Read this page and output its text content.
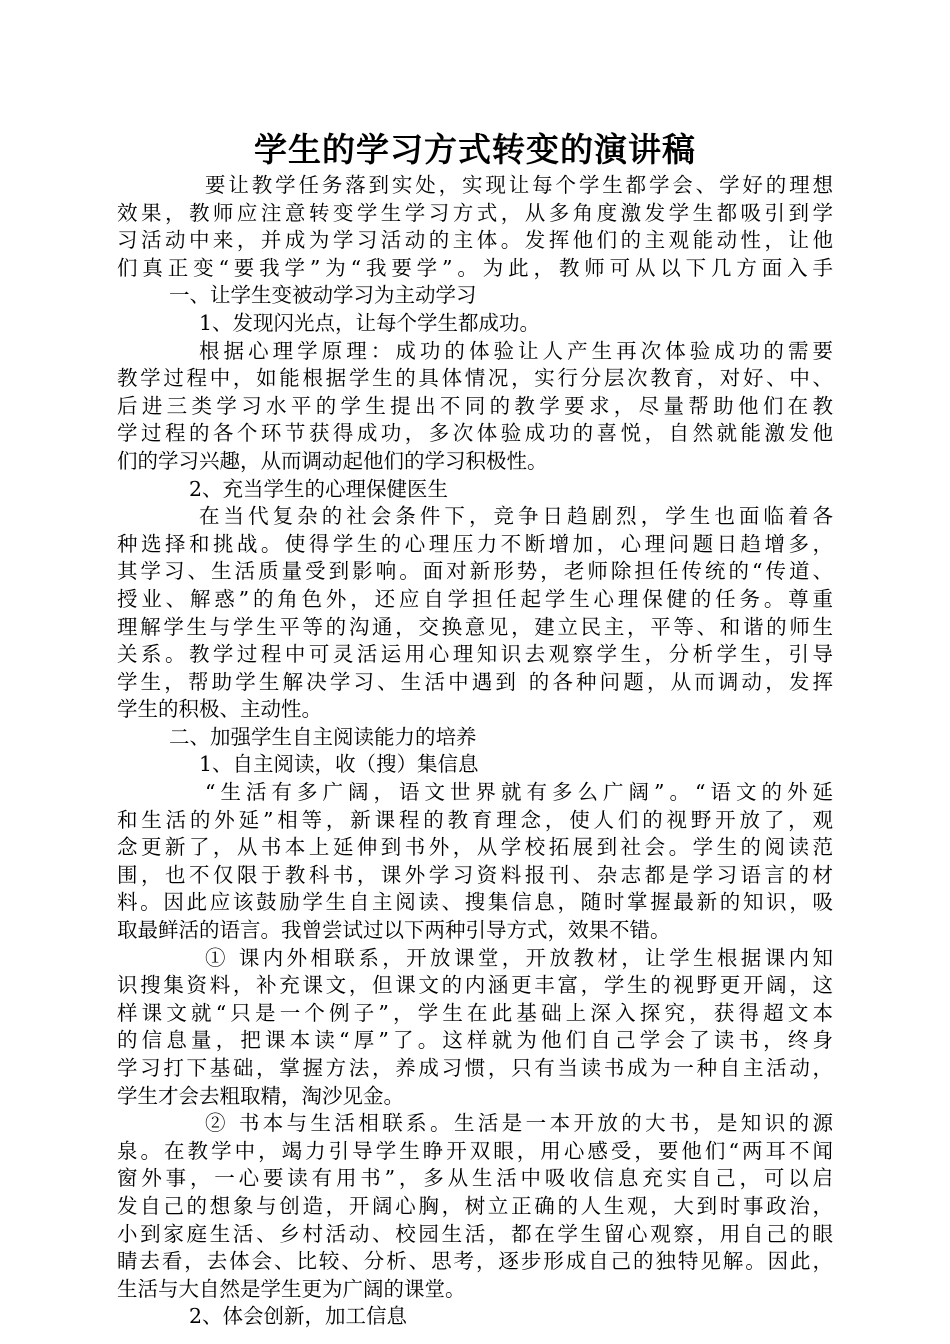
学生的学习方式转变的演讲稿
要让教学任务落到实处，实现让每个学生都学会、学好的理想
效果，教师应注意转变学生学习方式，从多角度激发学生都吸引到学
习活动中来，并成为学习活动的主体。发挥他们的主观能动性，让他
们真正变“要我学”为“我要学”。为此，教师可从以下几方面入手
一、让学生变被动学习为主动学习
1、发现闪光点，让每个学生都成功。
根据心理学原理：成功的体验让人产生再次体验成功的需要
教学过程中，如能根据学生的具体情况，实行分层次教育，对好、中、
后进三类学习水平的学生提出不同的教学要求，尽量帮助他们在教
学过程的各个环节获得成功，多次体验成功的喜悦，自然就能激发他
们的学习兴趣，从而调动起他们的学习积极性。
2、充当学生的心理保健医生
在当代复杂的社会条件下，竞争日趋剧烈，学生也面临着各
种选择和挑战。使得学生的心理压力不断增加，心理问题日趋增多，
其学习、生活质量受到影响。面对新形势，老师除担任传统的“传道、
授业、解惑”的角色外，还应自学担任起学生心理保健的任务。尊重
理解学生与学生平等的沟通，交换意见，建立民主，平等、和谐的师生
关系。教学过程中可灵活运用心理知识去观察学生，分析学生，引导
学生，帮助学生解决学习、生活中遇到 的各种问题，从而调动，发挥
学生的积极、主动性。
二、加强学生自主阅读能力的培养
1、自主阅读，收（搜）集信息
“生活有多广阔，语文世界就有多么广阔”。“语文的外延
和生活的外延”相等，新课程的教育理念，使人们的视野开放了，观
念更新了，从书本上延伸到书外，从学校拓展到社会。学生的阅读范
围，也不仅限于教科书，课外学习资料报刊、杂志都是学习语言的材
料。因此应该鼓励学生自主阅读、搜集信息，随时掌握最新的知识，吸
取最鲜活的语言。我曾尝试过以下两种引导方式，效果不错。
① 课内外相联系，开放课堂，开放教材，让学生根据课内知
识搜集资料，补充课文，但课文的内涵更丰富，学生的视野更开阔，这
样课文就“只是一个例子”，学生在此基础上深入探究，获得超文本
的信息量，把课本读“厚”了。这样就为他们自己学会了读书，终身
学习打下基础，掌握方法，养成习惯，只有当读书成为一种自主活动，
学生才会去粗取精，淘沙见金。
② 书本与生活相联系。生活是一本开放的大书，是知识的源
泉。在教学中，竭力引导学生睁开双眼，用心感受，要他们“两耳不闻
窗外事，一心要读有用书”，多从生活中吸收信息充实自己，可以启
发自己的想象与创造，开阔心胸，树立正确的人生观，大到时事政治，
小到家庭生活、乡村活动、校园生活，都在学生留心观察，用自己的眼
睛去看，去体会、比较、分析、思考，逐步形成自己的独特见解。因此，
生活与大自然是学生更为广阔的课堂。
2、体会创新，加工信息
